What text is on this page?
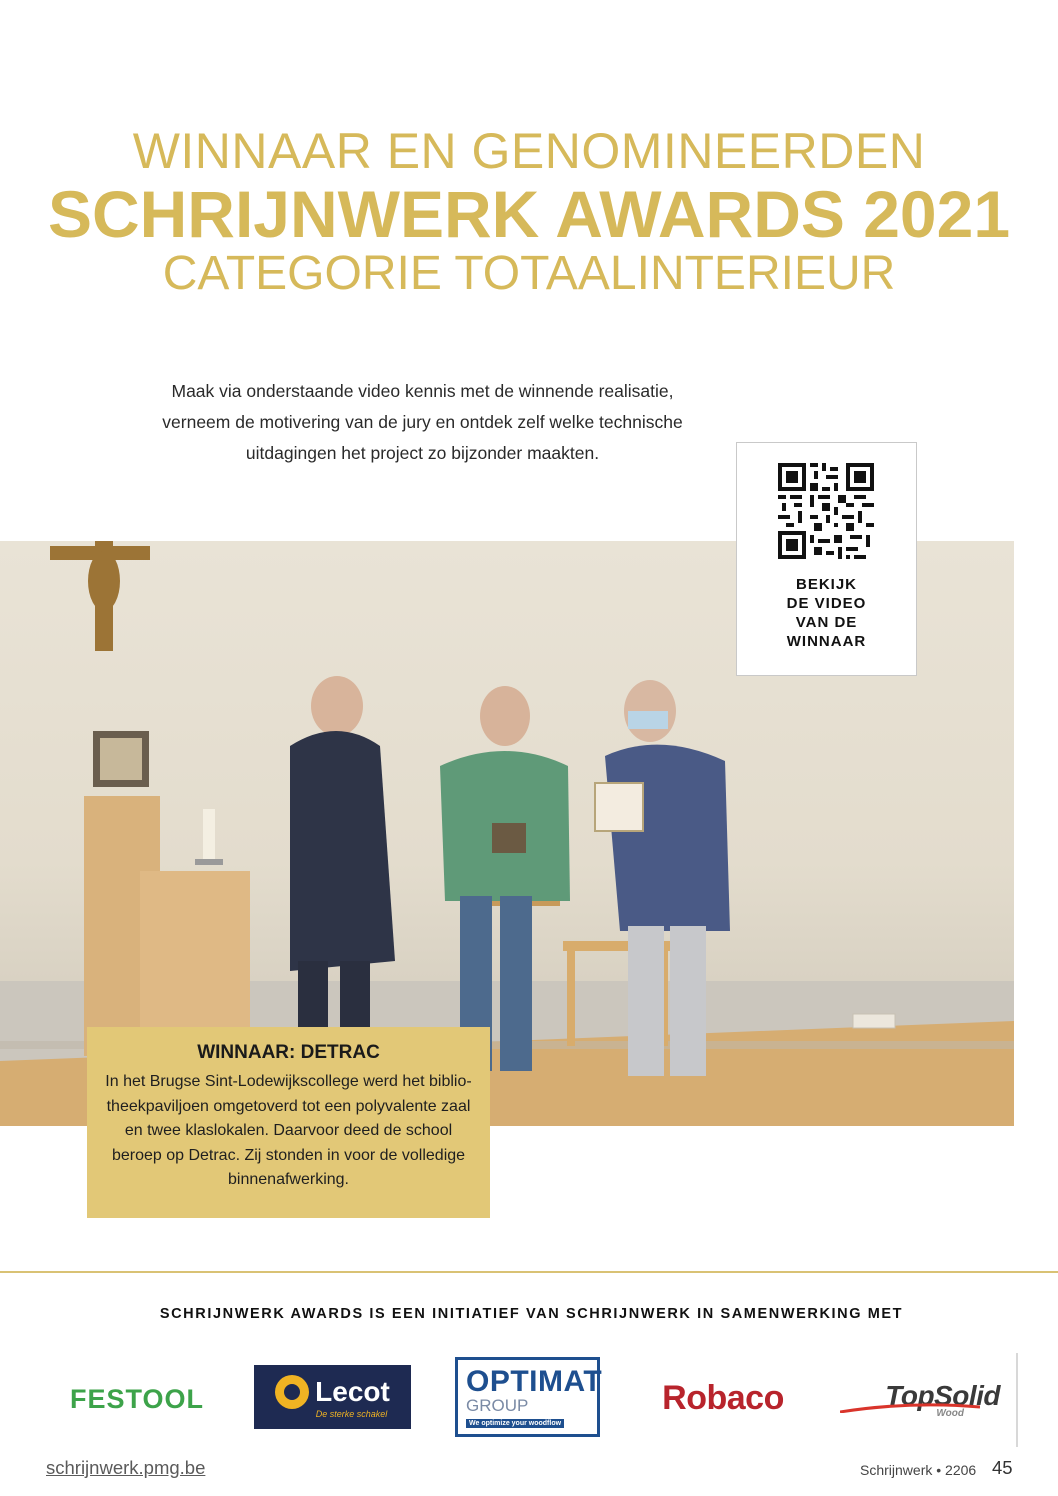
WINNAAR EN GENOMINEERDEN
SCHRIJNWERK AWARDS 2021
CATEGORIE TOTAALINTERIEUR
Maak via onderstaande video kennis met de winnende realisatie,
verneem de motivering van de jury en ontdek zelf welke technische
uitdagingen het project zo bijzonder maakten.
BEKIJK
DE VIDEO
VAN DE
WINNAAR
WINNAAR: DETRAC
In het Brugse Sint-Lodewijkscollege werd het biblio-
theekpaviljoen omgetoverd tot een polyvalente zaal
en twee klaslokalen. Daarvoor deed de school
beroep op Detrac. Zij stonden in voor de volledige
binnenafwerking.
SCHRIJNWERK AWARDS IS EEN INITIATIEF VAN SCHRIJNWERK IN SAMENWERKING MET
FESTOOL	Lecot
De sterke schakel
OPTIMAT
GROUP
We optimize your woodflow
Robaco	TopSolid
Wood
schrijnwerk.pmg.be	Schrijnwerk • 2206 45
